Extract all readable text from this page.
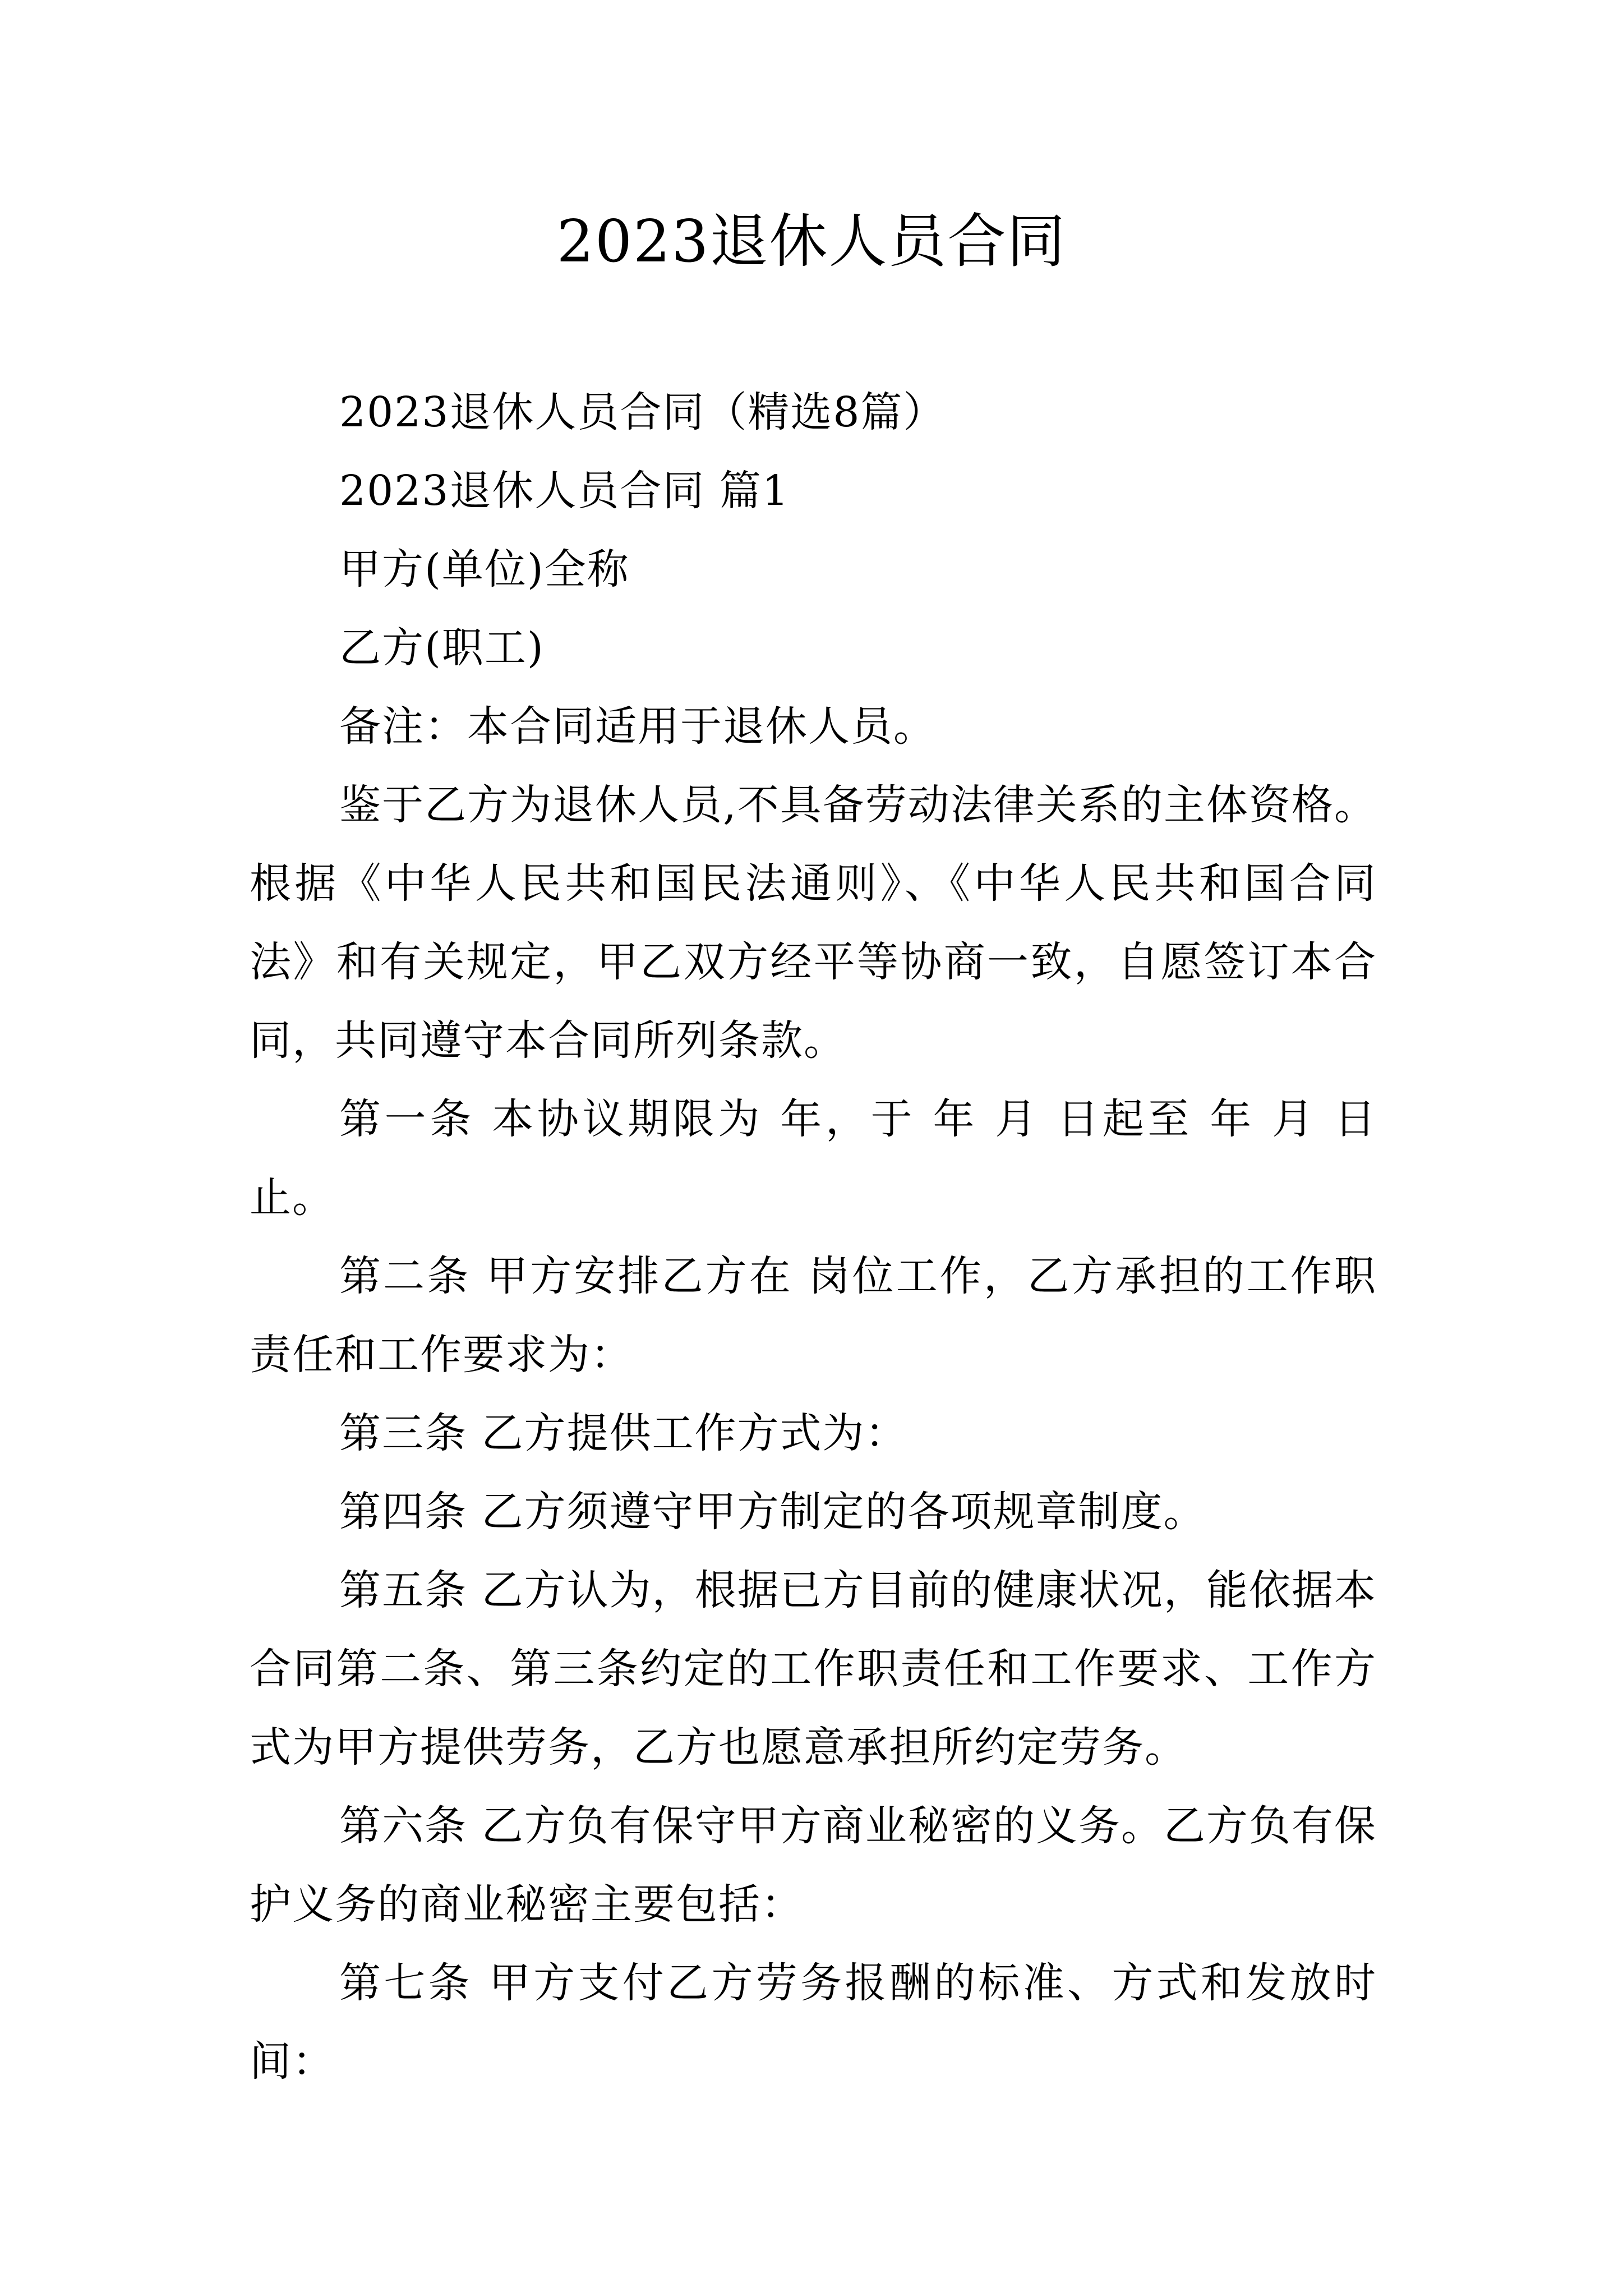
2023退休人员合同

2023退休人员合同（精选8篇）

2023退休人员合同 篇1

甲方(单位)全称

乙方(职工)

备注：本合同适用于退休人员。

鉴于乙方为退休人员,不具备劳动法律关系的主体资格。根据《中华人民共和国民法通则》、《中华人民共和国合同法》和有关规定，甲乙双方经平等协商一致，自愿签订本合同，共同遵守本合同所列条款。

第一条 本协议期限为 年，于 年 月 日起至 年 月 日止。

第二条 甲方安排乙方在 岗位工作，乙方承担的工作职责任和工作要求为：

第三条 乙方提供工作方式为：

第四条 乙方须遵守甲方制定的各项规章制度。

第五条 乙方认为，根据已方目前的健康状况，能依据本合同第二条、第三条约定的工作职责任和工作要求、工作方式为甲方提供劳务，乙方也愿意承担所约定劳务。

第六条 乙方负有保守甲方商业秘密的义务。乙方负有保护义务的商业秘密主要包括：

第七条 甲方支付乙方劳务报酬的标准、方式和发放时间：
